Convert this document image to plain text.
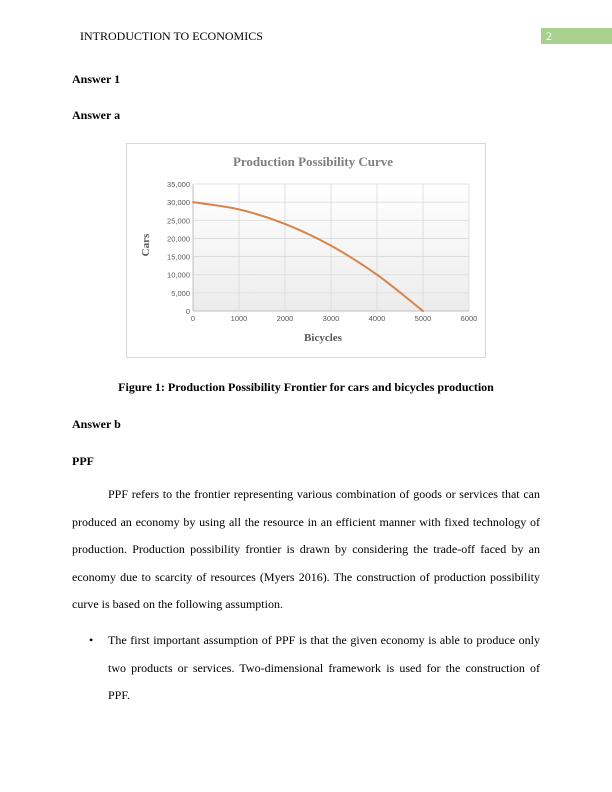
INTRODUCTION TO ECONOMICS	2
Answer 1
Answer a
0
5,000
10,000
15,000
20,000
25,000
30,000
35,000
0	1000	2000	3000	4000	5000	6000
Production Possibility Curve
Bicycles
Cars
Figure 1: Production Possibility Frontier for cars and bicycles production
Answer b
PPF
PPF refers to the frontier representing various combination of goods or services that can produced an economy by using all the resource in an efficient manner with fixed technology of production. Production possibility frontier is drawn by considering the trade-off faced by an economy due to scarcity of resources (Myers 2016). The construction of production possibility curve is based on the following assumption.
• The first important assumption of PPF is that the given economy is able to produce only two products or services. Two-dimensional framework is used for the construction of PPF.
